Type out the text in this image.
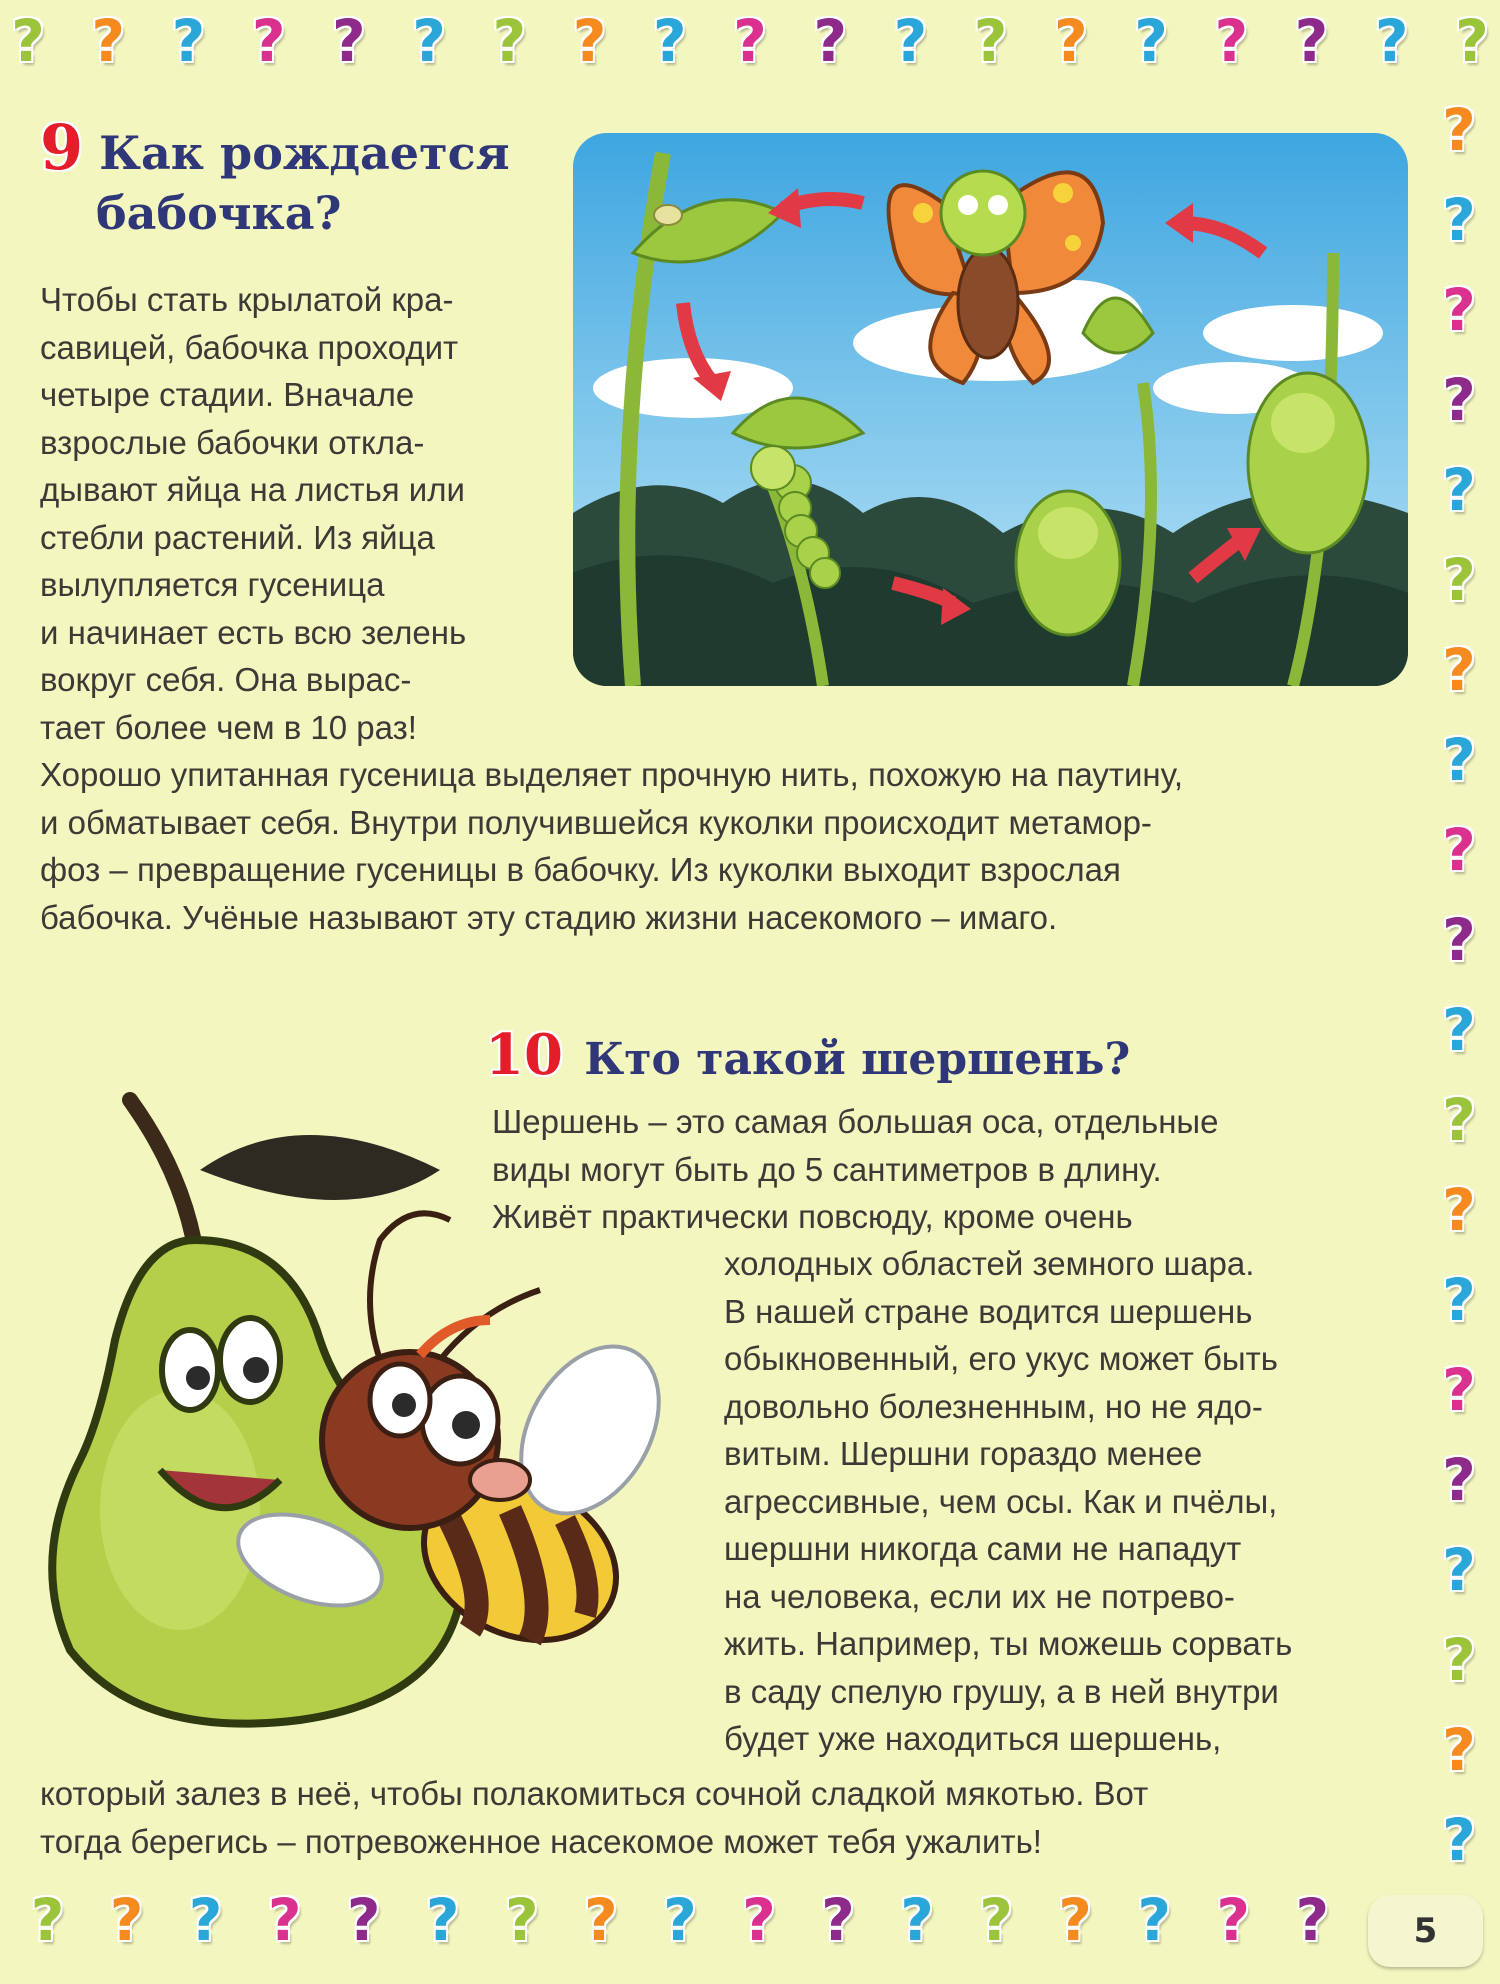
? ? ? ? ? ? ? ? ? ? ? ? ? ? ? ? ? ? ?
?
?
?
?
?
?
?
?
?
?
?
?
?
?
?
?
?
?
?
?
? ? ? ? ? ? ? ? ? ? ? ? ? ? ? ? ?
9 Как рождается
бабочка?
Чтобы стать крылатой кра-
савицей, бабочка проходит
четыре стадии. Вначале
взрослые бабочки откла-
дывают яйца на листья или
стебли растений. Из яйца
вылупляется гусеница
и начинает есть всю зелень
вокруг себя. Она вырас-
тает более чем в 10 раз!
Хорошо упитанная гусеница выделяет прочную нить, похожую на паутину,
и обматывает себя. Внутри получившейся куколки происходит метамор-
фоз – превращение гусеницы в бабочку. Из куколки выходит взрослая
бабочка. Учёные называют эту стадию жизни насекомого – имаго.
10 Кто такой шершень?
Шершень – это самая большая оса, отдельные
виды могут быть до 5 сантиметров в длину.
Живёт практически повсюду, кроме очень
холодных областей земного шара.
В нашей стране водится шершень
обыкновенный, его укус может быть
довольно болезненным, но не ядо-
витым. Шершни гораздо менее
агрессивные, чем осы. Как и пчёлы,
шершни никогда сами не нападут
на человека, если их не потрево-
жить. Например, ты можешь сорвать
в саду спелую грушу, а в ней внутри
будет уже находиться шершень,
который залез в неё, чтобы полакомиться сочной сладкой мякотью. Вот
тогда берегись – потревоженное насекомое может тебя ужалить!
5
